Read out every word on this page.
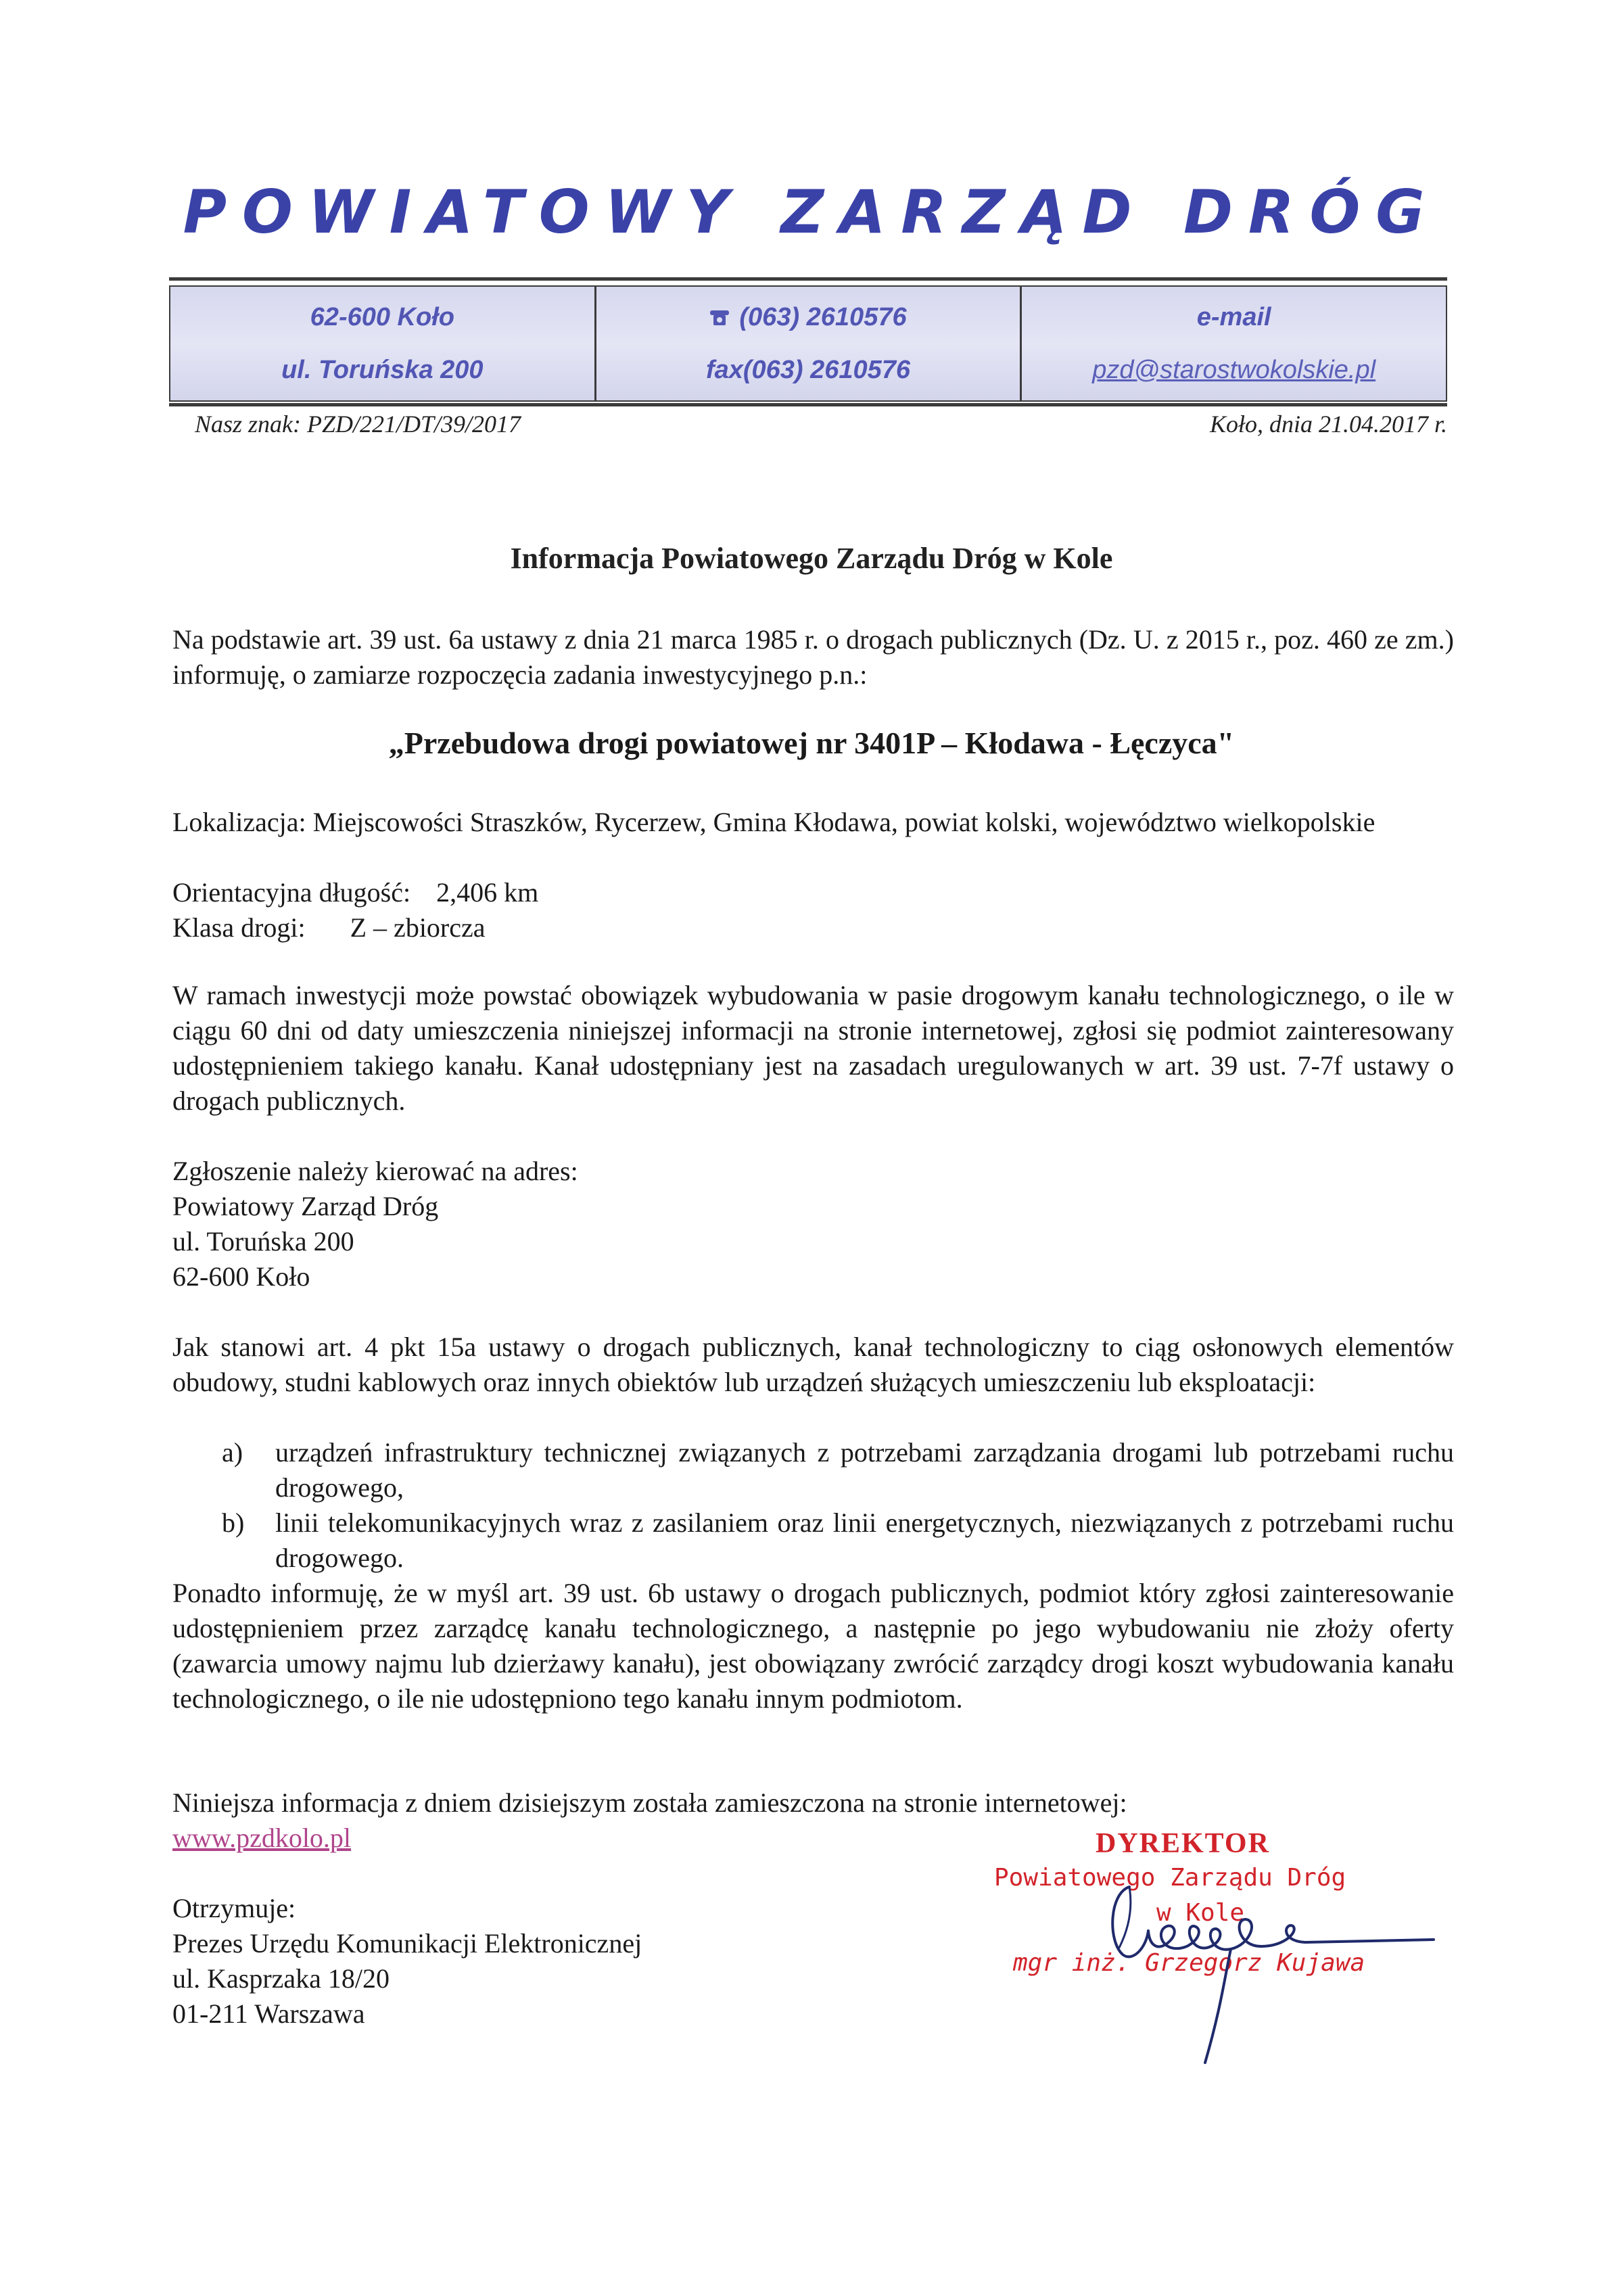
POWIATOWY ZARZĄD DRÓG
62-600 Koło
ul. Toruńska 200
(063) 2610576
fax(063) 2610576
e-mail
pzd@starostwokolskie.pl
Nasz znak: PZD/221/DT/39/2017	Koło, dnia 21.04.2017 r.
Informacja Powiatowego Zarządu Dróg w Kole
Na podstawie art. 39 ust. 6a ustawy z dnia 21 marca 1985 r. o drogach publicznych (Dz. U. z 2015 r., poz. 460 ze zm.) informuję, o zamiarze rozpoczęcia zadania inwestycyjnego p.n.:
„Przebudowa drogi powiatowej nr 3401P – Kłodawa - Łęczyca"
Lokalizacja: Miejscowości Straszków, Rycerzew, Gmina Kłodawa, powiat kolski, województwo wielkopolskie
Orientacyjna długość: 2,406 km
Klasa drogi: Z – zbiorcza
W ramach inwestycji może powstać obowiązek wybudowania w pasie drogowym kanału technologicznego, o ile w ciągu 60 dni od daty umieszczenia niniejszej informacji na stronie internetowej, zgłosi się podmiot zainteresowany udostępnieniem takiego kanału. Kanał udostępniany jest na zasadach uregulowanych w art. 39 ust. 7-7f ustawy o drogach publicznych.
Zgłoszenie należy kierować na adres:
Powiatowy Zarząd Dróg
ul. Toruńska 200
62-600 Koło
Jak stanowi art. 4 pkt 15a ustawy o drogach publicznych, kanał technologiczny to ciąg osłonowych elementów obudowy, studni kablowych oraz innych obiektów lub urządzeń służących umieszczeniu lub eksploatacji:
a) urządzeń infrastruktury technicznej związanych z potrzebami zarządzania drogami lub potrzebami ruchu drogowego,
b) linii telekomunikacyjnych wraz z zasilaniem oraz linii energetycznych, niezwiązanych z potrzebami ruchu drogowego.
Ponadto informuję, że w myśl art. 39 ust. 6b ustawy o drogach publicznych, podmiot który zgłosi zainteresowanie udostępnieniem przez zarządcę kanału technologicznego, a następnie po jego wybudowaniu nie złoży oferty (zawarcia umowy najmu lub dzierżawy kanału), jest obowiązany zwrócić zarządcy drogi koszt wybudowania kanału technologicznego, o ile nie udostępniono tego kanału innym podmiotom.
Niniejsza informacja z dniem dzisiejszym została zamieszczona na stronie internetowej:
www.pzdkolo.pl
Otrzymuje:
Prezes Urzędu Komunikacji Elektronicznej
ul. Kasprzaka 18/20
01-211 Warszawa
DYREKTOR
Powiatowego Zarządu Dróg
w Kole
mgr inż. Grzegorz Kujawa
